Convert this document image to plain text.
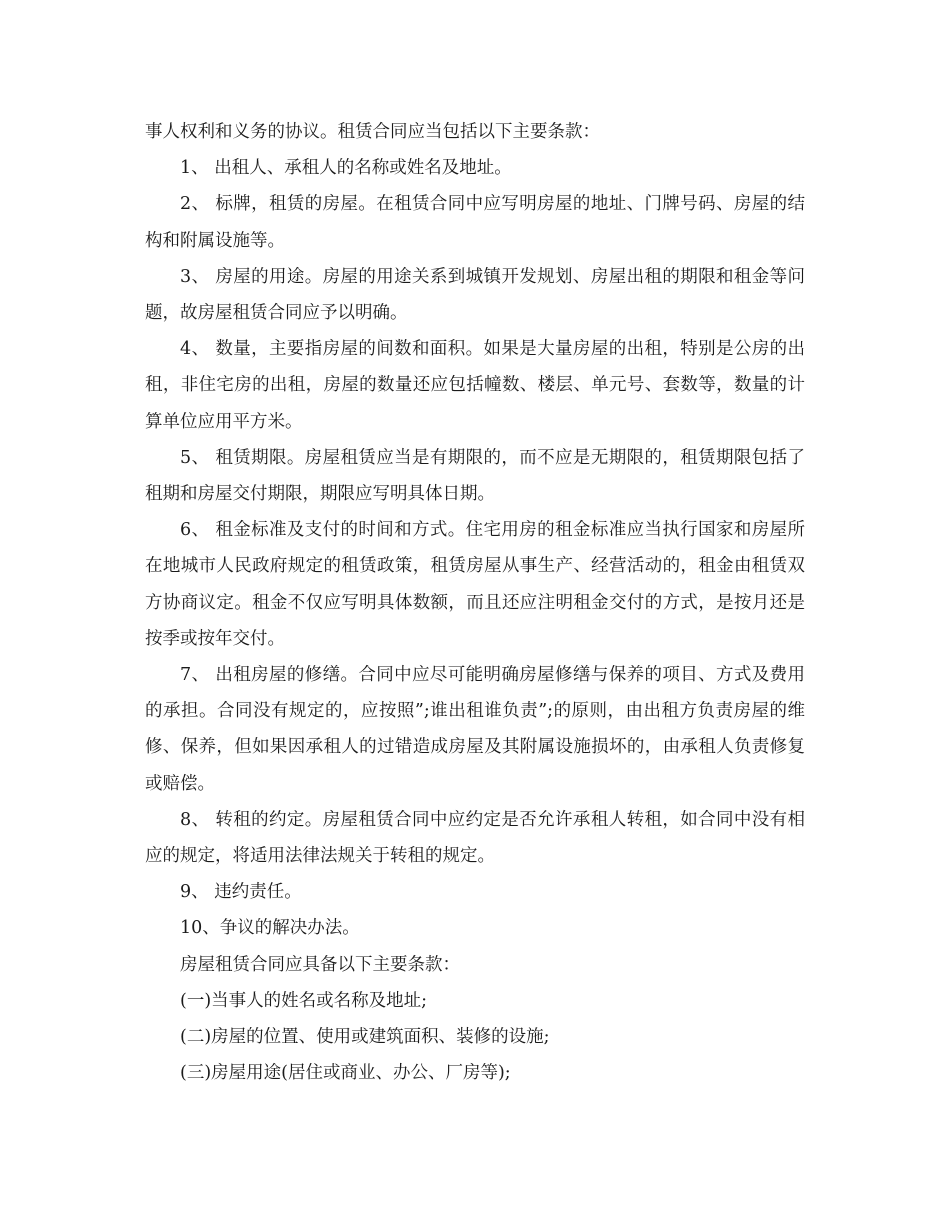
事人权利和义务的协议。租赁合同应当包括以下主要条款：

1、 出租人、承租人的名称或姓名及地址。

2、 标牌，租赁的房屋。在租赁合同中应写明房屋的地址、门牌号码、房屋的结构和附属设施等。

3、 房屋的用途。房屋的用途关系到城镇开发规划、房屋出租的期限和租金等问题，故房屋租赁合同应予以明确。

4、 数量，主要指房屋的间数和面积。如果是大量房屋的出租，特别是公房的出租，非住宅房的出租，房屋的数量还应包括幢数、楼层、单元号、套数等，数量的计算单位应用平方米。

5、 租赁期限。房屋租赁应当是有期限的，而不应是无期限的，租赁期限包括了租期和房屋交付期限，期限应写明具体日期。

6、 租金标准及支付的时间和方式。住宅用房的租金标准应当执行国家和房屋所在地城市人民政府规定的租赁政策，租赁房屋从事生产、经营活动的，租金由租赁双方协商议定。租金不仅应写明具体数额，而且还应注明租金交付的方式，是按月还是按季或按年交付。

7、 出租房屋的修缮。合同中应尽可能明确房屋修缮与保养的项目、方式及费用的承担。合同没有规定的，应按照”;谁出租谁负责”;的原则，由出租方负责房屋的维修、保养，但如果因承租人的过错造成房屋及其附属设施损坏的，由承租人负责修复或赔偿。

8、 转租的约定。房屋租赁合同中应约定是否允许承租人转租，如合同中没有相应的规定，将适用法律法规关于转租的规定。

9、 违约责任。

10、争议的解决办法。

房屋租赁合同应具备以下主要条款：

(一)当事人的姓名或名称及地址;

(二)房屋的位置、使用或建筑面积、装修的设施;

(三)房屋用途(居住或商业、办公、厂房等);
